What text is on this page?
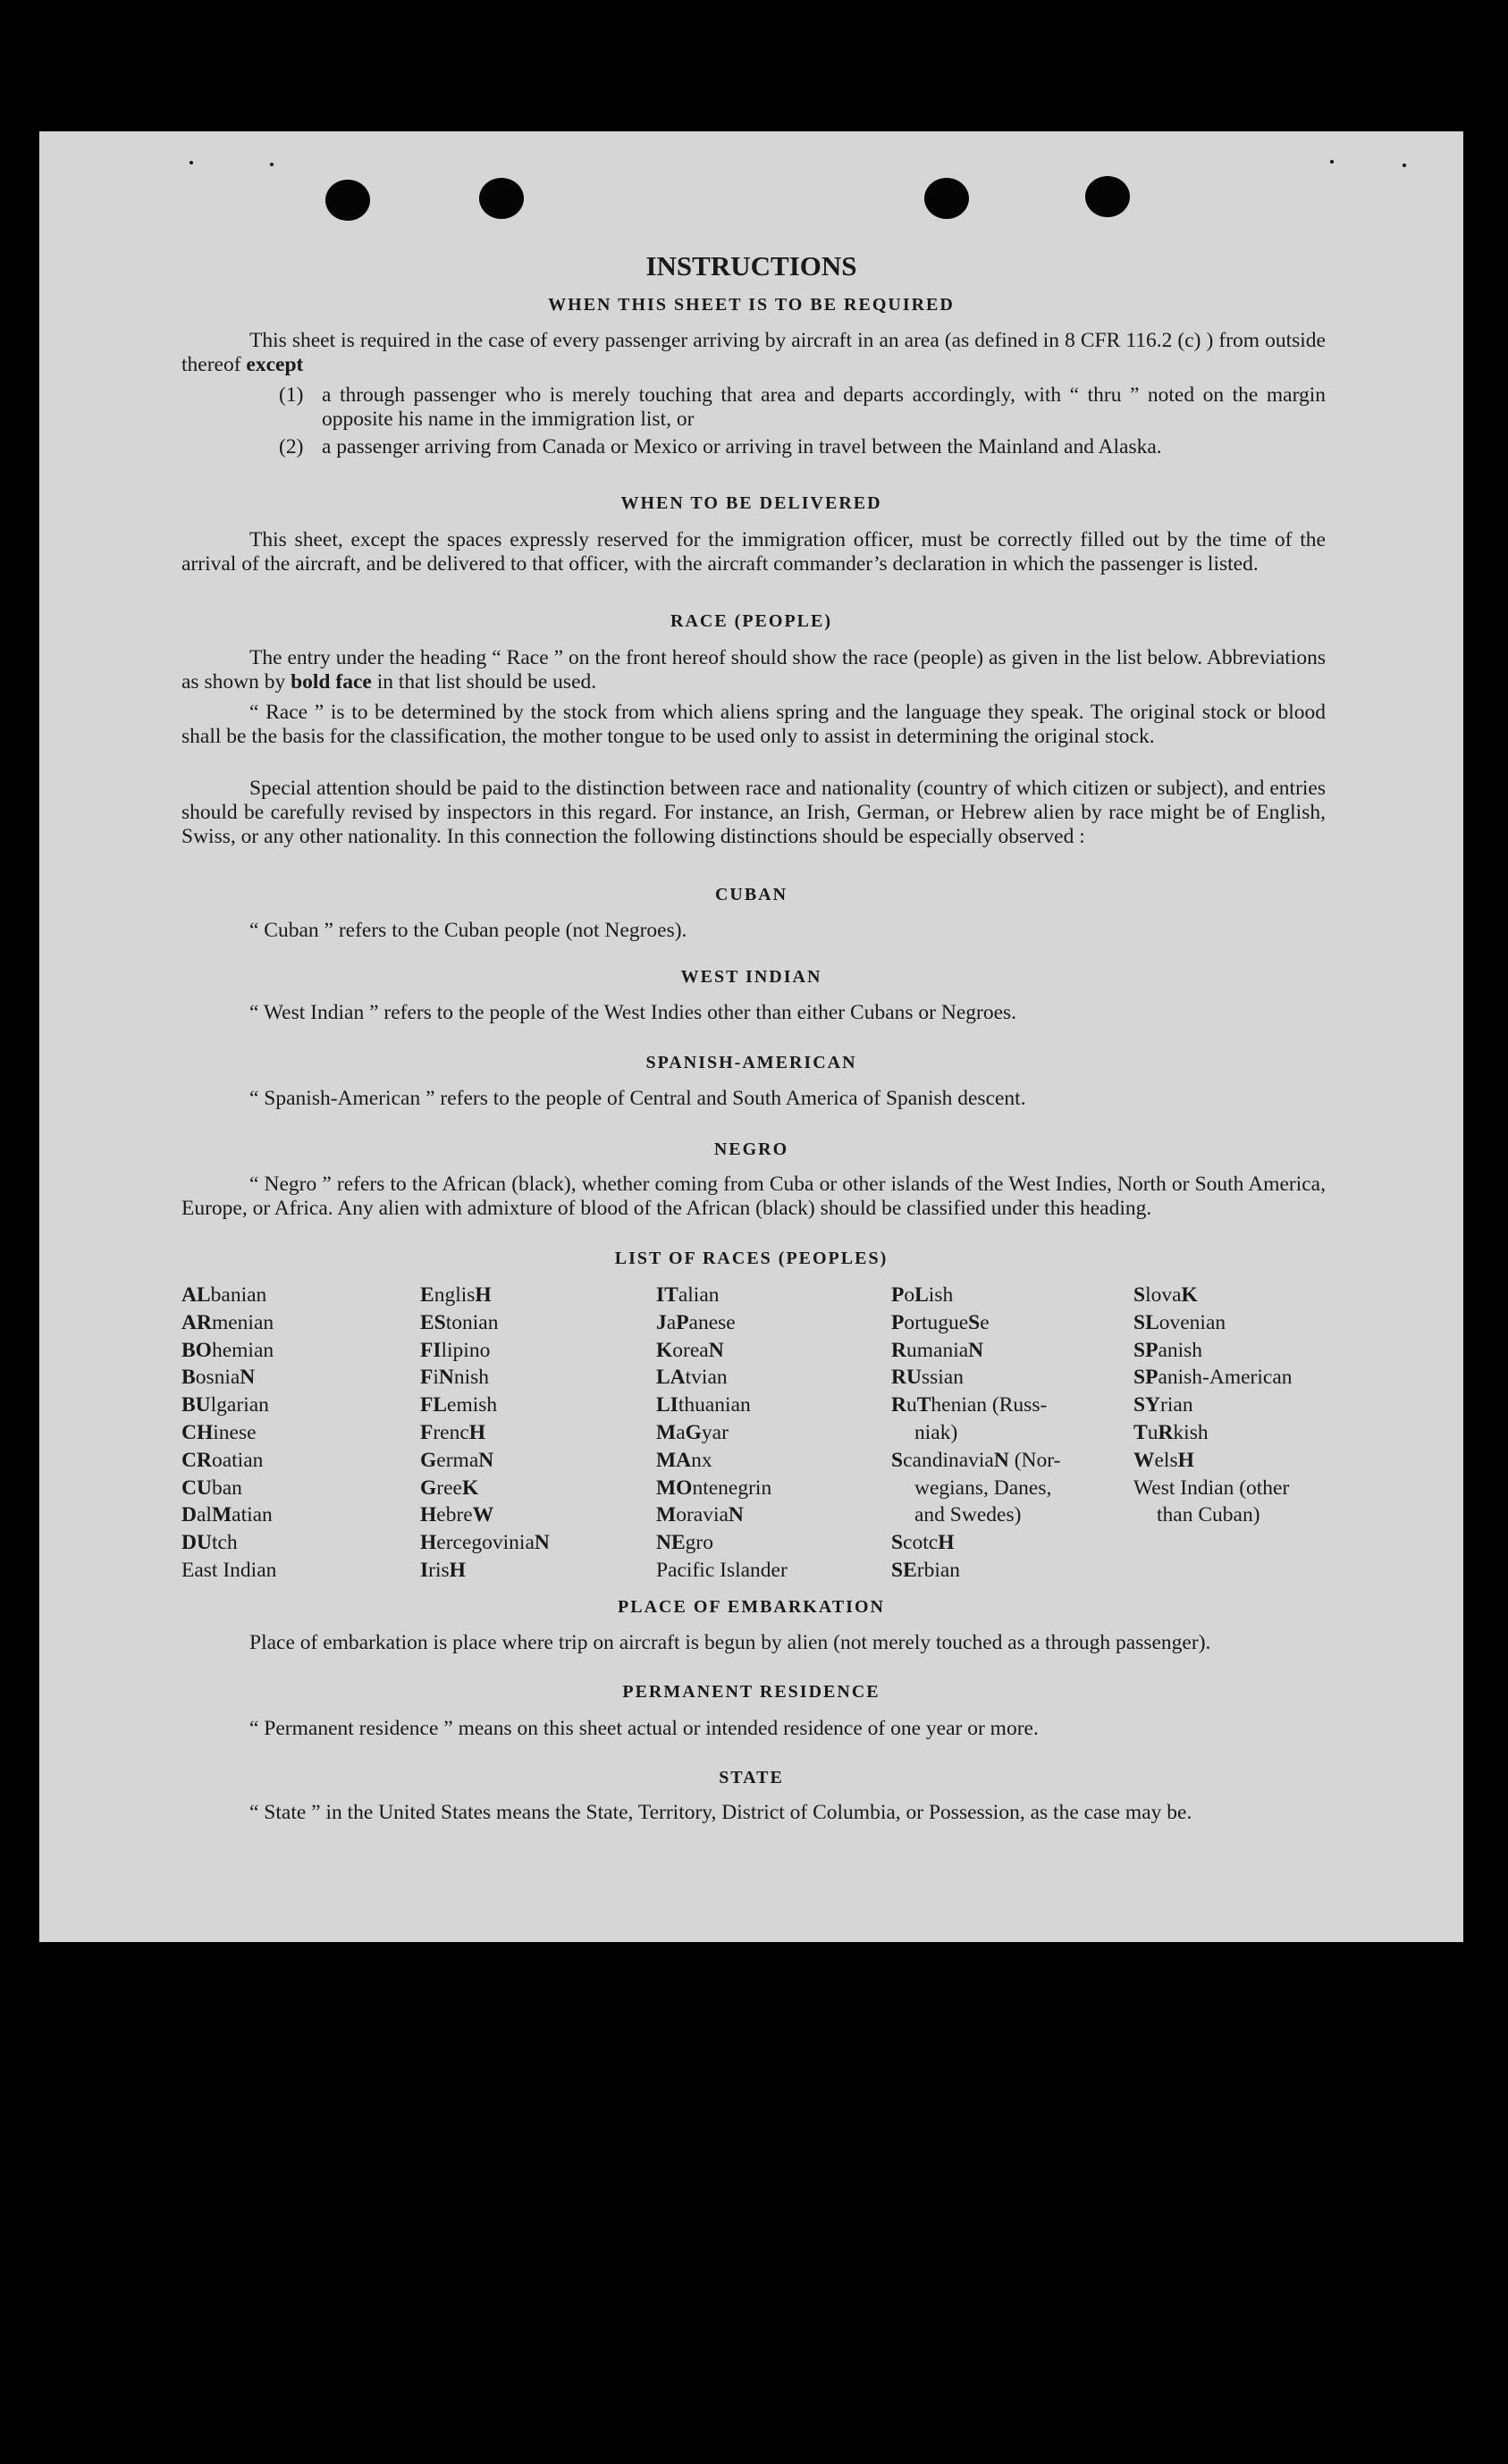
INSTRUCTIONS
WHEN THIS SHEET IS TO BE REQUIRED

This sheet is required in the case of every passenger arriving by aircraft in an area (as defined in 8 CFR 116.2 (c) ) from outside thereof except

(1) a through passenger who is merely touching that area and departs accordingly, with “ thru ” noted on the margin opposite his name in the immigration list, or

(2) a passenger arriving from Canada or Mexico or arriving in travel between the Mainland and Alaska.

WHEN TO BE DELIVERED

This sheet, except the spaces expressly reserved for the immigration officer, must be correctly filled out by the time of the arrival of the aircraft, and be delivered to that officer, with the aircraft commander’s declaration in which the passenger is listed.

RACE (PEOPLE)

The entry under the heading “ Race ” on the front hereof should show the race (people) as given in the list below. Abbreviations as shown by bold face in that list should be used.

“ Race ” is to be determined by the stock from which aliens spring and the language they speak. The original stock or blood shall be the basis for the classification, the mother tongue to be used only to assist in determining the original stock.

Special attention should be paid to the distinction between race and nationality (country of which citizen or subject), and entries should be carefully revised by inspectors in this regard. For instance, an Irish, German, or Hebrew alien by race might be of English, Swiss, or any other nationality. In this connection the following distinctions should be especially observed :

CUBAN

“ Cuban ” refers to the Cuban people (not Negroes).

WEST INDIAN

“ West Indian ” refers to the people of the West Indies other than either Cubans or Negroes.

SPANISH-AMERICAN

“ Spanish-American ” refers to the people of Central and South America of Spanish descent.

NEGRO

“ Negro ” refers to the African (black), whether coming from Cuba or other islands of the West Indies, North or South America, Europe, or Africa. Any alien with admixture of blood of the African (black) should be classified under this heading.

LIST OF RACES (PEOPLES)
ALbanian
ARmenian
BOhemian
BosniaN
BUlgarian
CHinese
CRoatian
CUban
DalMatian
DUtch
East Indian
EnglisH
EStonian
FIlipino
FiNnish
FLemish
FrencH
GermaN
GreeK
HebreW
HercegoviniaN
IrisH
ITalian
JaPanese
KoreaN
LAtvian
LIthuanian
MaGyar
MAnx
MOntenegrin
MoraviaN
NEgro
Pacific Islander
PoLish
PortugueSe
RumaniaN
RUssian
RuThenian (Russ-
niak)
ScandinaviaN (Nor-
wegians, Danes,
and Swedes)
ScotcH
SErbian
SlovaK
SLovenian
SPanish
SPanish-American
SYrian
TuRkish
WelsH
West Indian (other
than Cuban)
PLACE OF EMBARKATION

Place of embarkation is place where trip on aircraft is begun by alien (not merely touched as a through passenger).

PERMANENT RESIDENCE

“ Permanent residence ” means on this sheet actual or intended residence of one year or more.

STATE

“ State ” in the United States means the State, Territory, District of Columbia, or Possession, as the case may be.
